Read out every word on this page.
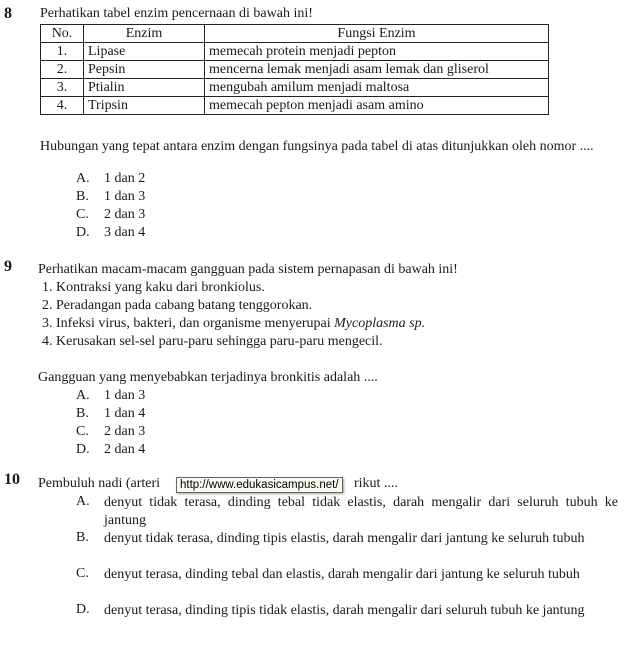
8 Perhatikan tabel enzim pencernaan di bawah ini!
No.	Enzim	Fungsi Enzim
1.	Lipase	memecah protein menjadi pepton
2.	Pepsin	mencerna lemak menjadi asam lemak dan gliserol
3.	Ptialin	mengubah amilum menjadi maltosa
4.	Tripsin	memecah pepton menjadi asam amino
Hubungan yang tepat antara enzim dengan fungsinya pada tabel di atas ditunjukkan oleh nomor ....
A.	1 dan 2
B.	1 dan 3
C.	2 dan 3
D.	3 dan 4
9 Perhatikan macam-macam gangguan pada sistem pernapasan di bawah ini!
1. Kontraksi yang kaku dari bronkiolus.
2. Peradangan pada cabang batang tenggorokan.
3. Infeksi virus, bakteri, dan organisme menyerupai Mycoplasma sp.
4. Kerusakan sel-sel paru-paru sehingga paru-paru mengecil.
Gangguan yang menyebabkan terjadinya bronkitis adalah ....
A.	1 dan 3
B.	1 dan 4
C.	2 dan 3
D.	2 dan 4
10 Pembuluh nadi (arteri	rikut ....
A.	denyut tidak terasa, dinding tebal tidak elastis, darah mengalir dari seluruh tubuh ke jantung
B.	denyut tidak terasa, dinding tipis elastis, darah mengalir dari jantung ke seluruh tubuh
C.	denyut terasa, dinding tebal dan elastis, darah mengalir dari jantung ke seluruh tubuh
D.	denyut terasa, dinding tipis tidak elastis, darah mengalir dari seluruh tubuh ke jantung
http://www.edukasicampus.net/
